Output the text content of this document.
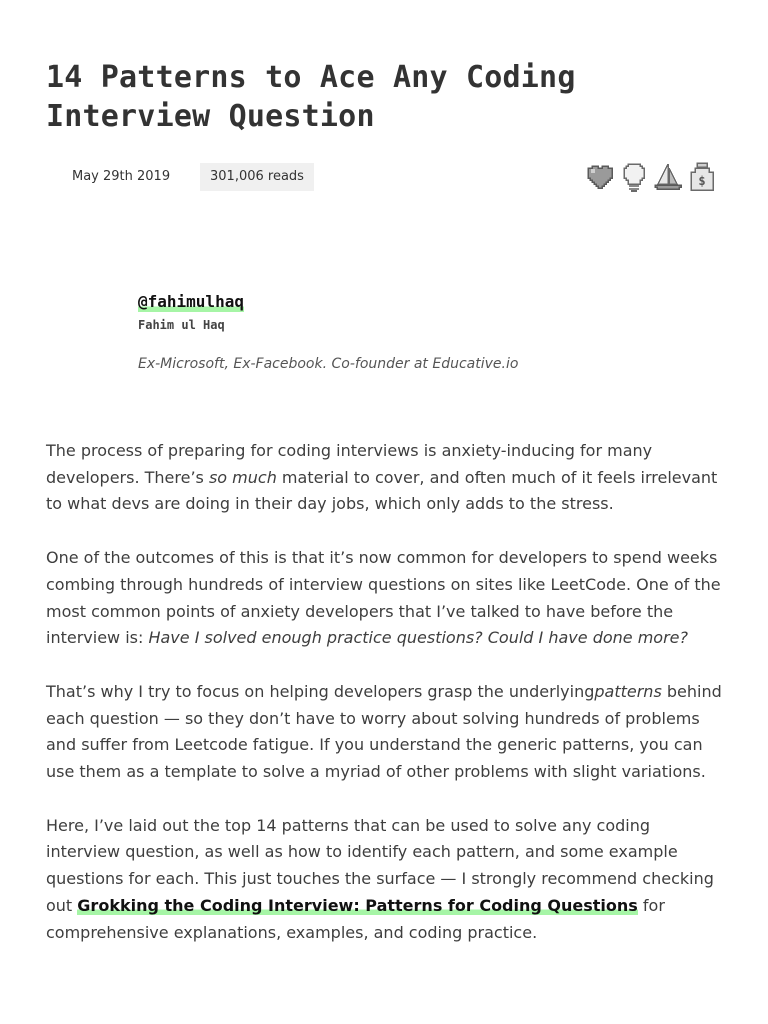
14 Patterns to Ace Any Coding Interview Question
May 29th 2019	301,006 reads	$
@fahimulhaq
Fahim ul Haq
Ex-Microsoft, Ex-Facebook. Co-founder at Educative.io

The process of preparing for coding interviews is anxiety-inducing for many developers. There’s so much material to cover, and often much of it feels irrelevant to what devs are doing in their day jobs, which only adds to the stress.

One of the outcomes of this is that it’s now common for developers to spend weeks combing through hundreds of interview questions on sites like LeetCode. One of the most common points of anxiety developers that I’ve talked to have before the interview is: Have I solved enough practice questions? Could I have done more?

That’s why I try to focus on helping developers grasp the underlyingpatterns behind each question — so they don’t have to worry about solving hundreds of problems and suffer from Leetcode fatigue. If you understand the generic patterns, you can use them as a template to solve a myriad of other problems with slight variations.

Here, I’ve laid out the top 14 patterns that can be used to solve any coding interview question, as well as how to identify each pattern, and some example questions for each. This just touches the surface — I strongly recommend checking out Grokking the Coding Interview: Patterns for Coding Questions for comprehensive explanations, examples, and coding practice.
